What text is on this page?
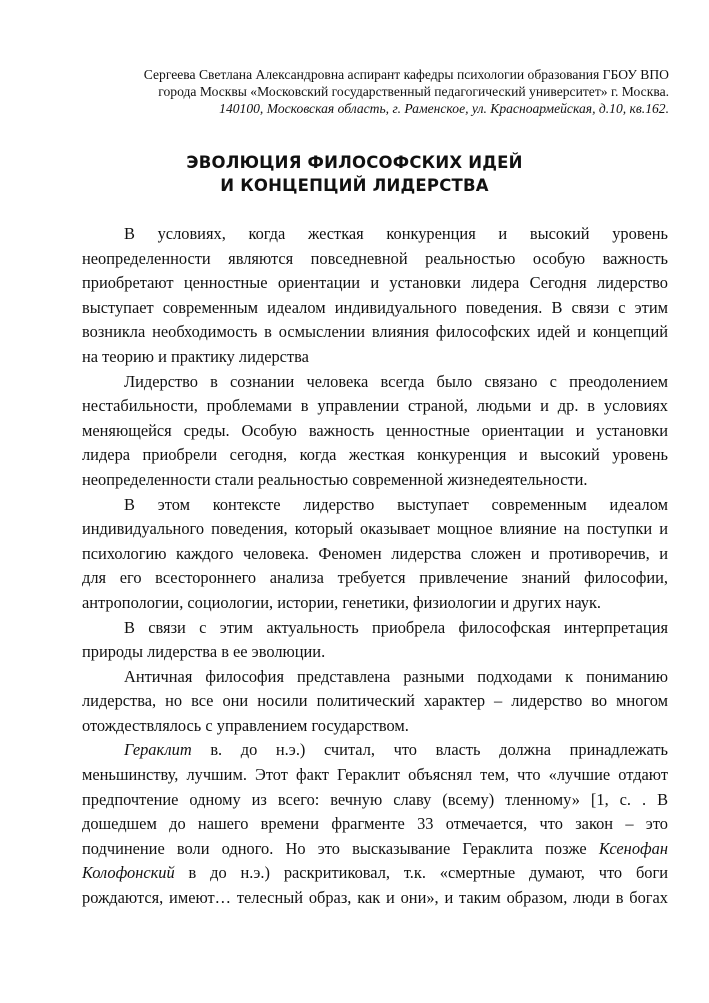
Сергеева Светлана Александровна аспирант кафедры психологии образования ГБОУ ВПО
города Москвы «Московский государственный педагогический университет» г. Москва.
140100, Московская область, г. Раменское, ул. Красноармейская, д.10, кв.162.
ЭВОЛЮЦИЯ ФИЛОСОФСКИХ ИДЕЙ
И КОНЦЕПЦИЙ ЛИДЕРСТВА
В условиях, когда жесткая конкуренция и высокий уровень
неопределенности являются повседневной реальностью особую важность
приобретают ценностные ориентации и установки лидера Сегодня лидерство
выступает современным идеалом индивидуального поведения. В связи с этим
возникла необходимость в осмыслении влияния философских идей и концепций
на теорию и практику лидерства
Лидерство в сознании человека всегда было связано с преодолением
нестабильности, проблемами в управлении страной, людьми и др. в условиях
меняющейся среды. Особую важность ценностные ориентации и установки
лидера приобрели сегодня, когда жесткая конкуренция и высокий уровень
неопределенности стали реальностью современной жизнедеятельности.
В этом контексте лидерство выступает современным идеалом
индивидуального поведения, который оказывает мощное влияние на поступки и
психологию каждого человека. Феномен лидерства сложен и противоречив, и
для его всестороннего анализа требуется привлечение знаний философии,
антропологии, социологии, истории, генетики, физиологии и других наук.
В связи с этим актуальность приобрела философская интерпретация
природы лидерства в ее эволюции.
Античная философия представлена разными подходами к пониманию
лидерства, но все они носили политический характер – лидерство во многом
отождествлялось с управлением государством.
Гераклит в. до н.э.) считал, что власть должна принадлежать
меньшинству, лучшим. Этот факт Гераклит объяснял тем, что «лучшие отдают
предпочтение одному из всего: вечную славу (всему) тленному» [1, с. . В
дошедшем до нашего времени фрагменте 33 отмечается, что закон – это
подчинение воли одного. Но это высказывание Гераклита позже Ксенофан
Колофонский в до н.э.) раскритиковал, т.к. «смертные думают, что боги
рождаются, имеют… телесный образ, как и они», и таким образом, люди в богах
